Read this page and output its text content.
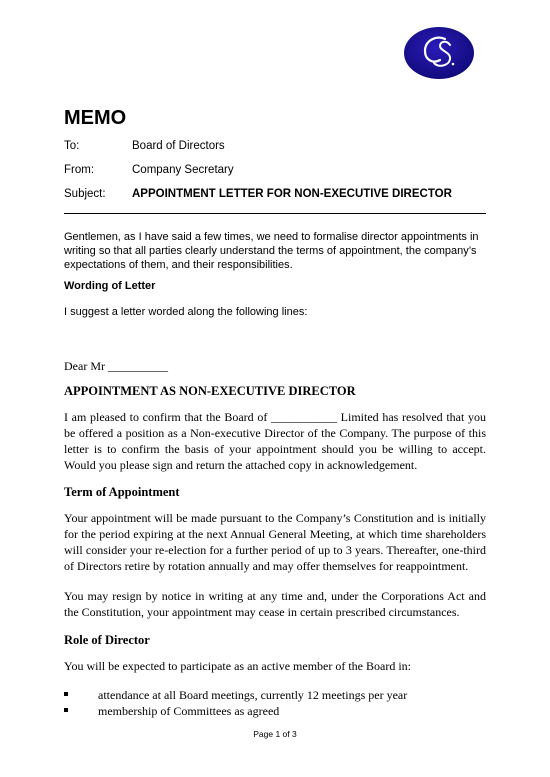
MEMO
To:	Board of Directors
From:	Company Secretary
Subject: APPOINTMENT LETTER FOR NON-EXECUTIVE DIRECTOR

Gentlemen, as I have said a few times, we need to formalise director appointments in writing so that all parties clearly understand the terms of appointment, the company’s expectations of them, and their responsibilities.

Wording of Letter

I suggest a letter worded along the following lines:

Dear Mr __________

APPOINTMENT AS NON-EXECUTIVE DIRECTOR

I am pleased to confirm that the Board of ___________ Limited has resolved that you be offered a position as a Non-executive Director of the Company. The purpose of this letter is to confirm the basis of your appointment should you be willing to accept. Would you please sign and return the attached copy in acknowledgement.

Term of Appointment

Your appointment will be made pursuant to the Company’s Constitution and is initially for the period expiring at the next Annual General Meeting, at which time shareholders will consider your re-election for a further period of up to 3 years. Thereafter, one-third of Directors retire by rotation annually and may offer themselves for reappointment.

You may resign by notice in writing at any time and, under the Corporations Act and the Constitution, your appointment may cease in certain prescribed circumstances.

Role of Director

You will be expected to participate as an active member of the Board in:

attendance at all Board meetings, currently 12 meetings per year
membership of Committees as agreed
Page 1 of 3
